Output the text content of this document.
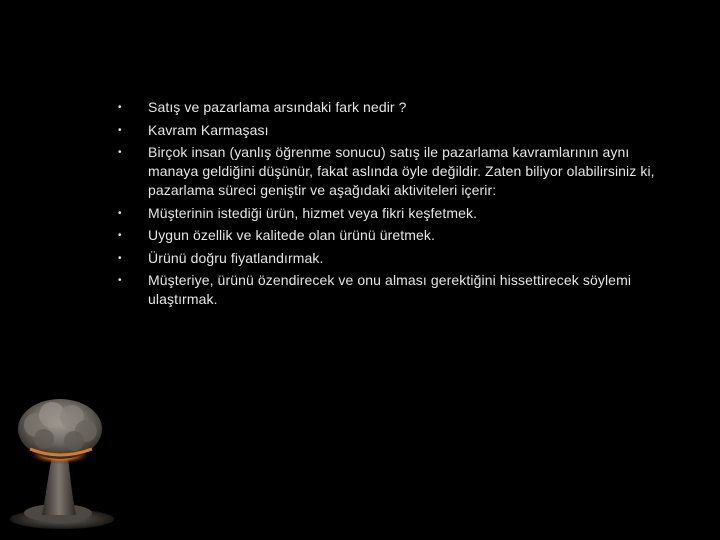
•	Satış ve pazarlama arsındaki fark nedir ?
•	Kavram Karmaşası
•	Birçok insan (yanlış öğrenme sonucu) satış ile pazarlama kavramlarının aynı manaya geldiğini düşünür, fakat aslında öyle değildir. Zaten biliyor olabilirsiniz ki, pazarlama süreci geniştir ve aşağıdaki aktiviteleri içerir:
•	Müşterinin istediği ürün, hizmet veya fikri keşfetmek.
•	Uygun özellik ve kalitede olan ürünü üretmek.
•	Ürünü doğru fiyatlandırmak.
•	Müşteriye, ürünü özendirecek ve onu alması gerektiğini hissettirecek söylemi ulaştırmak.
